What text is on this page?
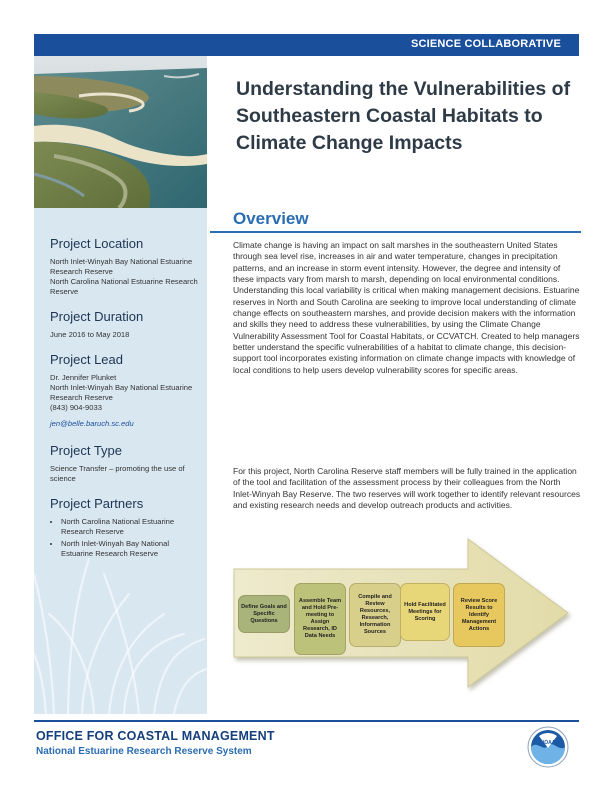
SCIENCE COLLABORATIVE

Project Location

North Inlet-Winyah Bay National Estuarine Research Reserve

North Carolina National Estuarine Research Reserve

Project Duration

June 2016 to May 2018

Project Lead

Dr. Jennifer Plunket

North Inlet-Winyah Bay National Estuarine Research Reserve

(843) 904-9033

jen@belle.baruch.sc.edu

Project Type

Science Transfer – promoting the use of science

Project Partners

• North Carolina National Estuarine Research Reserve
• North Inlet-Winyah Bay National Estuarine Research Reserve
Understanding the Vulnerabilities of Southeastern Coastal Habitats to Climate Change Impacts
Overview

Climate change is having an impact on salt marshes in the southeastern United States through sea level rise, increases in air and water temperature, changes in precipitation patterns, and an increase in storm event intensity. However, the degree and intensity of these impacts vary from marsh to marsh, depending on local environmental conditions. Understanding this local variability is critical when making management decisions. Estuarine reserves in North and South Carolina are seeking to improve local understanding of climate change effects on southeastern marshes, and provide decision makers with the information and skills they need to address these vulnerabilities, by using the Climate Change Vulnerability Assessment Tool for Coastal Habitats, or CCVATCH. Created to help managers better understand the specific vulnerabilities of a habitat to climate change, this decision-support tool incorporates existing information on climate change impacts with knowledge of local conditions to help users develop vulnerability scores for specific areas.

For this project, North Carolina Reserve staff members will be fully trained in the application of the tool and facilitation of the assessment process by their colleagues from the North Inlet-Winyah Bay Reserve. The two reserves will work together to identify relevant resources and existing research needs and develop outreach products and activities.

Define Goals and Specific Questions
Assemble Team and Hold Pre-meeting to Assign Research, ID Data Needs
Compile and Review Resources, Research, Information Sources
Hold Facilitated Meetings for Scoring
Review Score Results to Identify Management Actions

OFFICE FOR COASTAL MANAGEMENT

National Estuarine Research Reserve System

NOAA
